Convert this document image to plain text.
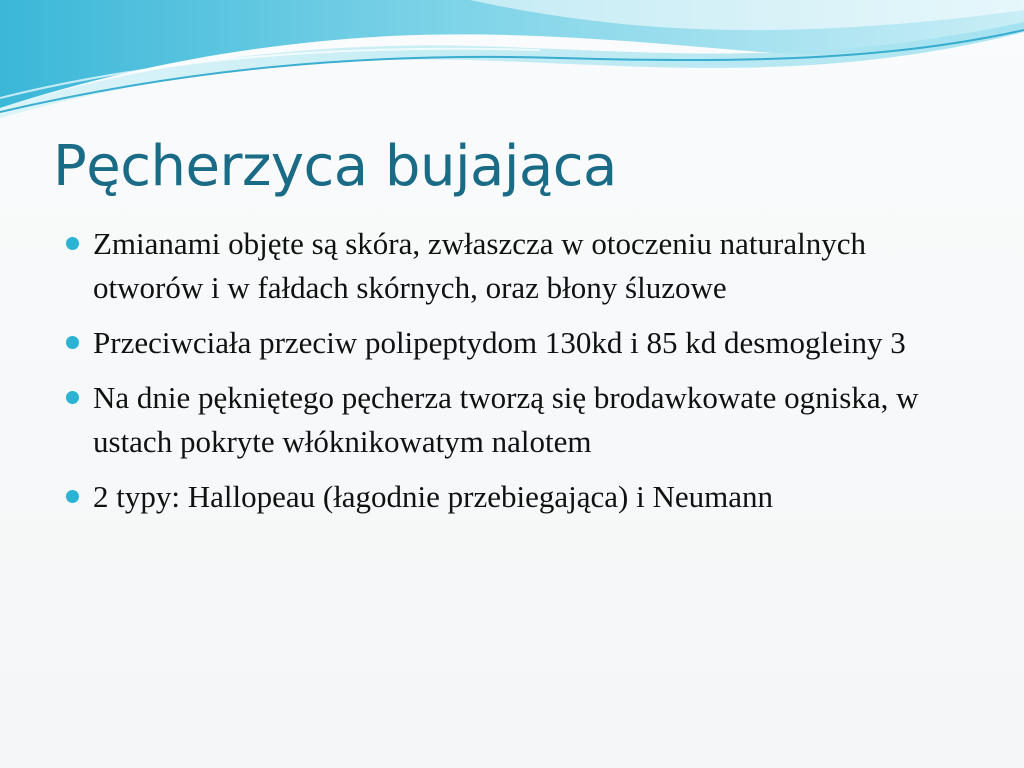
Pęcherzyca bujająca
Zmianami objęte są skóra, zwłaszcza w otoczeniu naturalnych otworów i w fałdach skórnych, oraz błony śluzowe
Przeciwciała przeciw polipeptydom 130kd i 85 kd desmogleiny 3
Na dnie pękniętego pęcherza tworzą się brodawkowate ogniska, w ustach pokryte włóknikowatym nalotem
2 typy: Hallopeau (łagodnie przebiegająca) i Neumann
